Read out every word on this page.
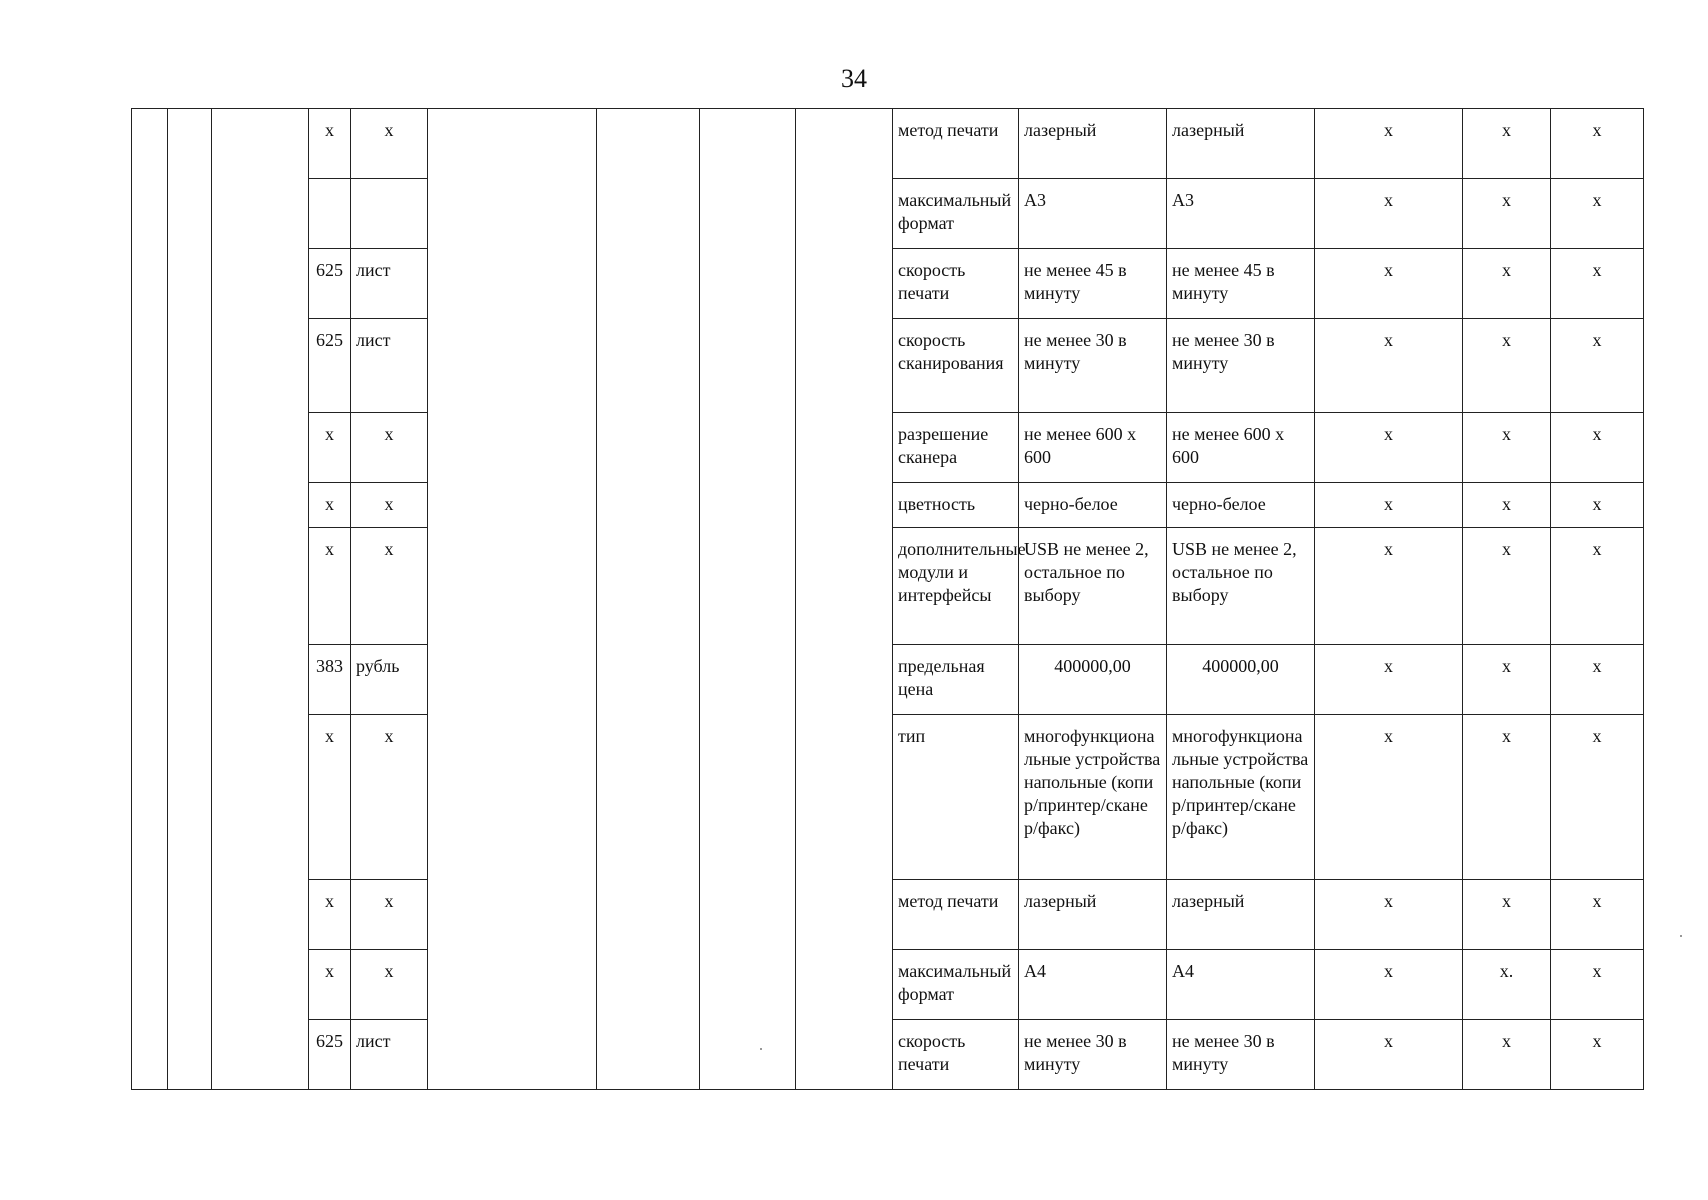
34
			x	x					метод печати	лазерный	лазерный	x	x	x
									максимальный формат	А3	А3	x	x	x
			625	лист					скорость печати	не менее 45 в минуту	не менее 45 в минуту	x	x	x
			625	лист					скорость сканирования	не менее 30 в минуту	не менее 30 в минуту	x	x	x
			x	x					разрешение сканера	не менее 600 x 600	не менее 600 x 600	x	x	x
			x	x					цветность	черно-белое	черно-белое	x	x	x
			x	x					дополнительные модули и интерфейсы	USB не менее 2, остальное по выбору	USB не менее 2, остальное по выбору	x	x	x
			383	рубль					предельная цена	400000,00	400000,00	x	x	x
			x	x					тип	многофункциональные устройства напольные (копир/принтер/сканер/факс)	многофункциональные устройства напольные (копир/принтер/сканер/факс)	x	x	x
			x	x					метод печати	лазерный	лазерный	x	x	x
			x	x					максимальный формат	А4	А4	x	x.	x
			625	лист					скорость печати	не менее 30 в минуту	не менее 30 в минуту	x	x	x
